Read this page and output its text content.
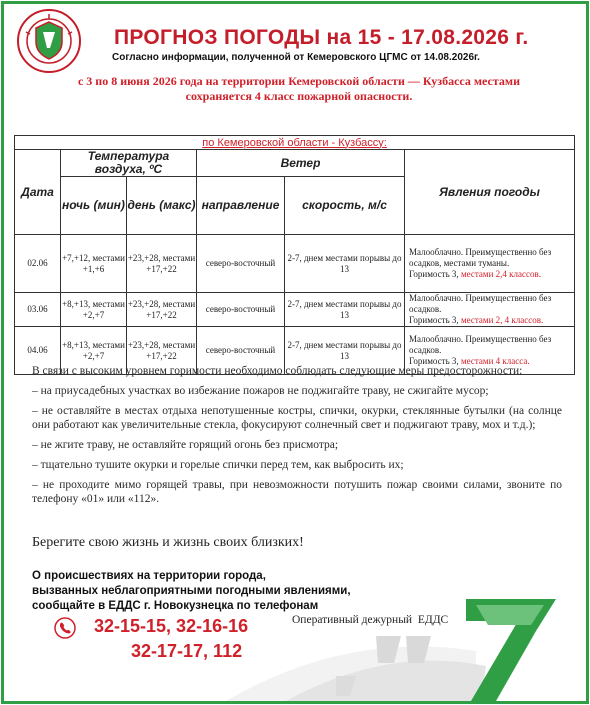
ПРОГНОЗ ПОГОДЫ на 15 - 17.08.2026 г.
Согласно информации, полученной от Кемеровского ЦГМС от 14.08.2026г.
с 3 по 8 июня 2026 года на территории Кемеровской области — Кузбасса местами
сохраняется 4 класс пожарной опасности.
по Кемеровской области - Кузбассу:					
Дата	Температура воздуха, ºС		Ветер		Явления погоды
	ночь (мин)	день (макс)	направление	скорость, м/с	
02.06	+7,+12, местами +1,+6	+23,+28, местами +17,+22	северо-восточный	2-7, днем местами порывы до 13	Малооблачно. Преимущественно без осадков, местами туманы.
Горимость 3, местами 2,4 классов.
03.06	+8,+13, местами +2,+7	+23,+28, местами +17,+22	северо-восточный	2-7, днем местами порывы до 13	Малооблачно. Преимущественно без осадков.
Горимость 3, местами 2, 4 классов.
04.06	+8,+13, местами +2,+7	+23,+28, местами +17,+22	северо-восточный	2-7, днем местами порывы до 13	Малооблачно. Преимущественно без осадков.
Горимость 3, местами 4 класса.

В связи с высоким уровнем горимости необходимо соблюдать следующие меры предосторожности:

– на приусадебных участках во избежание пожаров не поджигайте траву, не сжигайте мусор;

– не оставляйте в местах отдыха непотушенные костры, спички, окурки, стеклянные бутылки (на солнце они работают как увеличительные стекла, фокусируют солнечный свет и поджигают траву, мох и т.д.);

– не жгите траву, не оставляйте горящий огонь без присмотра;

– тщательно тушите окурки и горелые спички перед тем, как выбросить их;

– не проходите мимо горящей травы, при невозможности потушить пожар своими силами, звоните по телефону «01» или «112».

Берегите свою жизнь и жизнь своих близких!
О происшествиях на территории города,
вызванных неблагоприятными погодными явлениями,
сообщайте в ЕДДС г. Новокузнецка по телефонам
32-15-15, 32-16-16
32-17-17, 112
Оперативный дежурный  ЕДДС
